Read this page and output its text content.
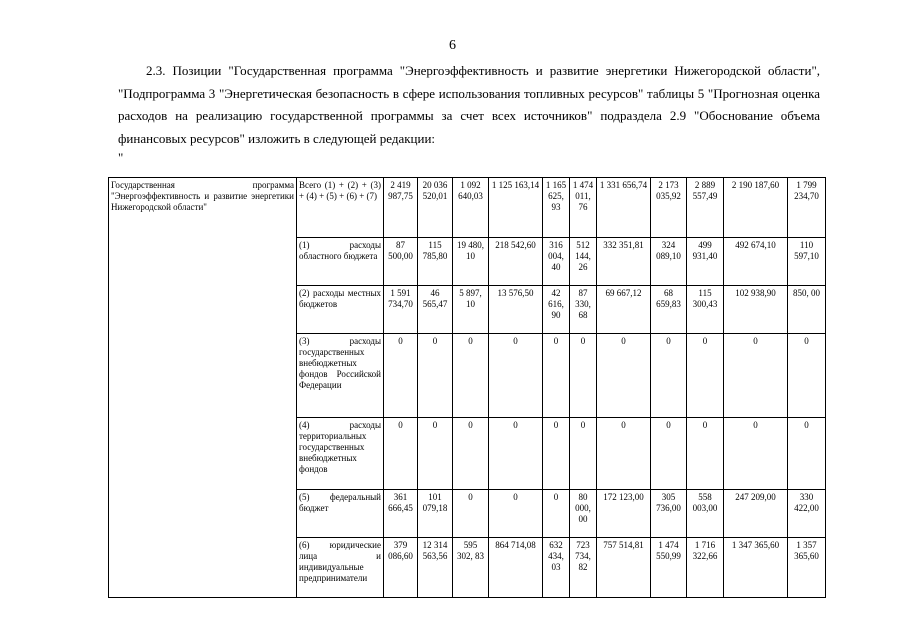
6

2.3. Позиции "Государственная программа "Энергоэффективность и развитие энергетики Нижегородской области", "Подпрограмма 3 "Энергетическая безопасность в сфере использования топливных ресурсов" таблицы 5 "Прогнозная оценка расходов на реализацию государственной программы за счет всех источников" подраздела 2.9 "Обоснование объема финансовых ресурсов" изложить в следующей редакции:

"
Государственная программа "Энергоэффективность и развитие энергетики Нижегородской области"	Всего (1) + (2) + (3) + (4) + (5) + (6) + (7)	2 419 987,75	20 036 520,01	1 092 640,03	1 125 163,14	1 165 625, 93	1 474 011, 76	1 331 656,74	2 173 035,92	2 889 557,49	2 190 187,60	1 799 234,70
	(1) расходы областного бюджета	87 500,00	115 785,80	19 480, 10	218 542,60	316 004, 40	512 144, 26	332 351,81	324 089,10	499 931,40	492 674,10	110 597,10
	(2) расходы местных бюджетов	1 591 734,70	46 565,47	5 897, 10	13 576,50	42 616, 90	87 330, 68	69 667,12	68 659,83	115 300,43	102 938,90	850, 00
	(3) расходы государственных внебюджетных фондов Российской Федерации	0	0	0	0	0	0	0	0	0	0	0
	(4) расходы территориальных государственных внебюджетных фондов	0	0	0	0	0	0	0	0	0	0	0
	(5) федеральный бюджет	361 666,45	101 079,18	0	0	0	80 000, 00	172 123,00	305 736,00	558 003,00	247 209,00	330 422,00
	(6) юридические лица и индивидуальные предприниматели	379 086,60	12 314 563,56	595 302, 83	864 714,08	632 434, 03	723 734, 82	757 514,81	1 474 550,99	1 716 322,66	1 347 365,60	1 357 365,60
